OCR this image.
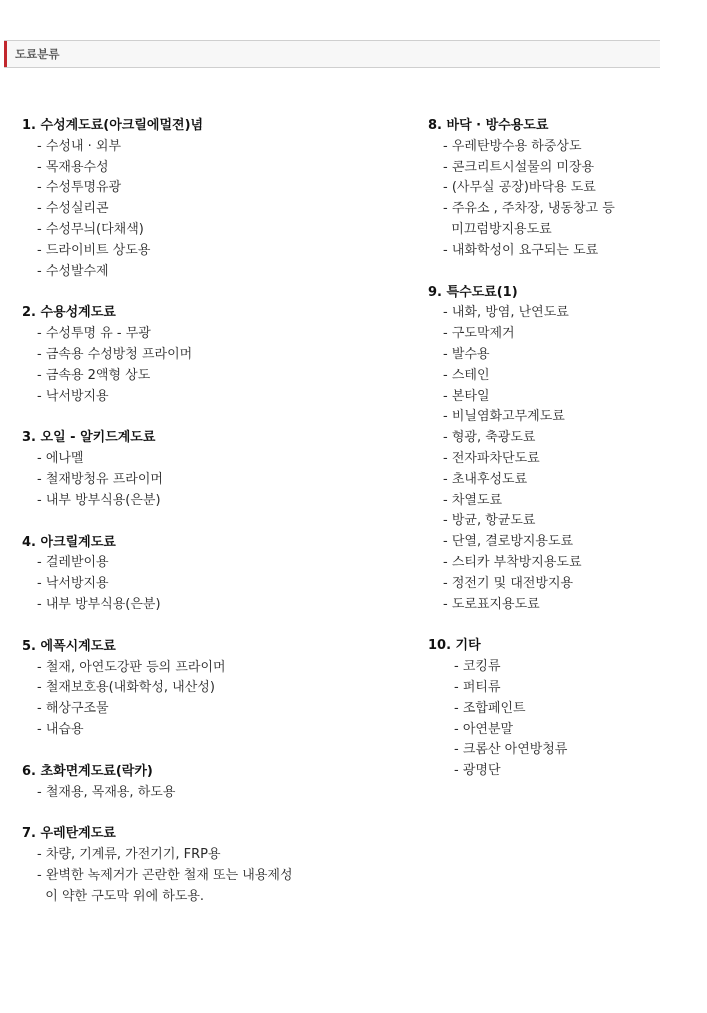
도료분류
1. 수성계도료(아크릴에멀젼)념
- 수성내 · 외부
- 목재용수성
- 수성투명유광
- 수성실리콘
- 수성무늬(다채색)
- 드라이비트 상도용
- 수성발수제
2. 수용성계도료
- 수성투명 유 - 무광
- 금속용 수성방청 프라이머
- 금속용 2액형 상도
- 낙서방지용
3. 오일 - 알키드계도료
- 에나멜
- 철재방청유 프라이머
- 내부 방부식용(은분)
4. 아크릴계도료
- 걸레받이용
- 낙서방지용
- 내부 방부식용(은분)
5. 에폭시계도료
- 철재, 아연도강판 등의 프라이머
- 철재보호용(내화학성, 내산성)
- 해상구조물
- 내습용
6. 초화면계도료(락카)
- 철재용, 목재용, 하도용
7. 우레탄계도료
- 차량, 기계류, 가전기기, FRP용
- 완벽한 녹제거가 곤란한 철재 또는 내용제성
이 약한 구도막 위에 하도용.
8. 바닥 · 방수용도료
- 우레탄방수용 하중상도
- 콘크리트시설물의 미장용
- (사무실 공장)바닥용 도료
- 주유소 , 주차장, 냉동창고 등
미끄럼방지용도료
- 내화학성이 요구되는 도료
9. 특수도료(1)
- 내화, 방염, 난연도료
- 구도막제거
- 발수용
- 스테인
- 본타일
- 비닐염화고무계도료
- 형광, 축광도료
- 전자파차단도료
- 초내후성도료
- 차열도료
- 방균, 항균도료
- 단열, 결로방지용도료
- 스티카 부착방지용도료
- 정전기 및 대전방지용
- 도로표지용도료
10. 기타
- 코킹류
- 퍼티류
- 조합페인트
- 아연분말
- 크롬산 아연방청류
- 광명단
